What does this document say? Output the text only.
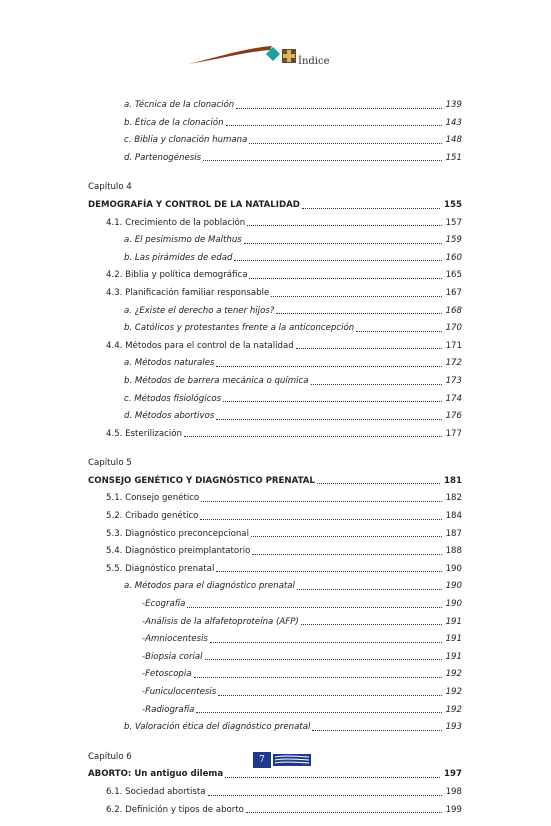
Índice
a. Técnica de la clonación	139
b. Ética de la clonación	143
c. Biblia y clonación humana	148
d. Partenogénesis	151
Capítulo 4
DEMOGRAFÍA Y CONTROL DE LA NATALIDAD	155
4.1. Crecimiento de la población	157
a. El pesimismo de Malthus	159
b. Las pirámides de edad	160
4.2. Biblia y política demográfica	165
4.3. Planificación familiar responsable	167
a. ¿Existe el derecho a tener hijos?	168
b. Católicos y protestantes frente a la anticoncepción	170
4.4. Métodos para el control de la natalidad	171
a. Métodos naturales	172
b. Métodos de barrera mecánica o química	173
c. Métodos fisiológicos	174
d. Métodos abortivos	176
4.5. Esterilización	177
Capítulo 5
CONSEJO GENÉTICO Y DIAGNÓSTICO PRENATAL	181
5.1. Consejo genético	182
5.2. Cribado genético	184
5.3. Diagnóstico preconcepcional	187
5.4. Diagnóstico preimplantatorio	188
5.5. Diagnóstico prenatal	190
a. Métodos para el diagnóstico prenatal	190
-Ecografía	190
-Análisis de la alfafetoproteína (AFP)	191
-Amniocentesis	191
-Biopsia corial	191
-Fetoscopia	192
-Funiculocentesis	192
-Radiografía	192
b. Valoración ética del diagnóstico prenatal	193
Capítulo 6
ABORTO: Un antiguo dilema	197
6.1. Sociedad abortista	198
6.2. Definición y tipos de aborto	199
7
